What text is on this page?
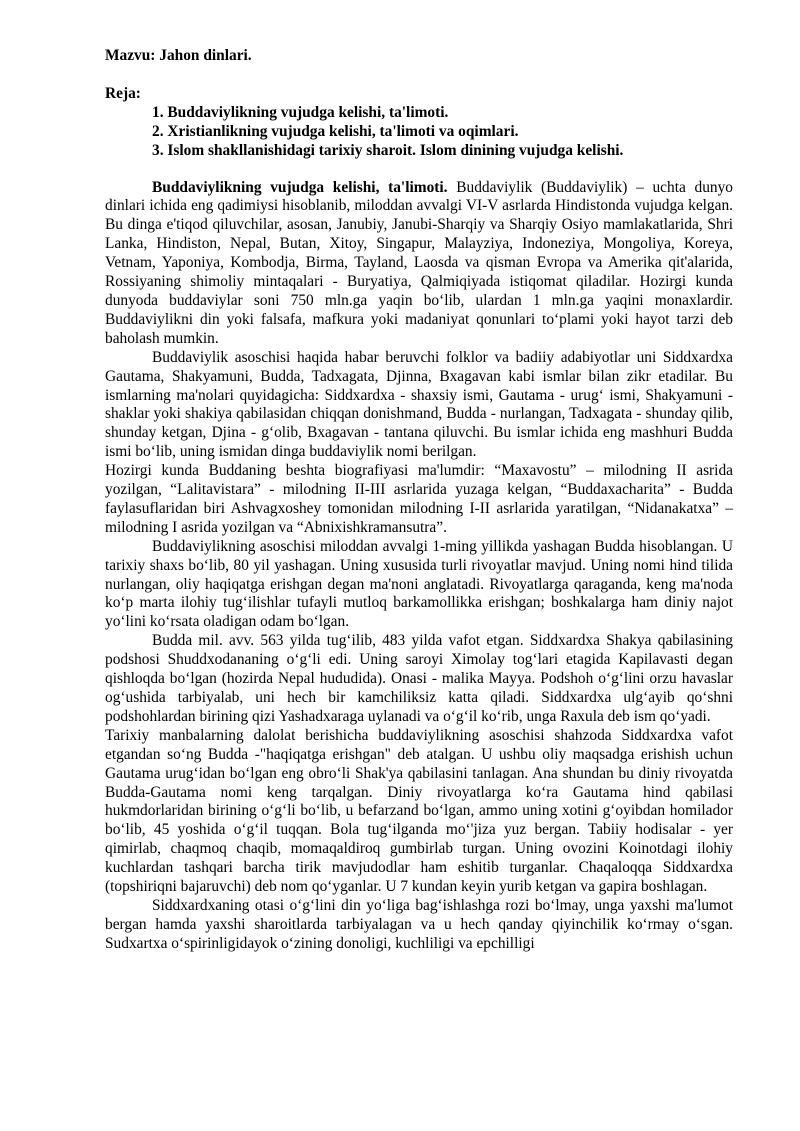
Mazvu: Jahon dinlari.

Reja:

1. Buddaviylikning vujudga kelishi, ta'limoti.
2. Xristianlikning vujudga kelishi, ta'limoti va oqimlari.
3. Islom shakllanishidagi tarixiy sharoit. Islom dinining vujudga kelishi.

Buddaviylikning vujudga kelishi, ta'limoti. Buddaviylik (Buddaviylik) – uchta dunyo dinlari ichida eng qadimiysi hisoblanib, miloddan avvalgi VI-V asrlarda Hindistonda vujudga kelgan. Bu dinga e'tiqod qiluvchilar, asosan, Janubiy, Janubi-Sharqiy va Sharqiy Osiyo mamlakatlarida, Shri Lanka, Hindiston, Nepal, Butan, Xitoy, Singapur, Malayziya, Indoneziya, Mongoliya, Koreya, Vetnam, Yaponiya, Kombodja, Birma, Tayland, Laosda va qisman Evropa va Amerika qit'alarida, Rossiyaning shimoliy mintaqalari - Buryatiya, Qalmiqiyada istiqomat qiladilar. Hozirgi kunda dunyoda buddaviylar soni 750 mln.ga yaqin bo‘lib, ulardan 1 mln.ga yaqini monaxlardir. Buddaviylikni din yoki falsafa, mafkura yoki madaniyat qonunlari to‘plami yoki hayot tarzi deb baholash mumkin.

Buddaviylik asoschisi haqida habar beruvchi folklor va badiiy adabiyotlar uni Siddxardxa Gautama, Shakyamuni, Budda, Tadxagata, Djinna, Bxagavan kabi ismlar bilan zikr etadilar. Bu ismlarning ma'nolari quyidagicha: Siddxardxa - shaxsiy ismi, Gautama - urug‘ ismi, Shakyamuni - shaklar yoki shakiya qabilasidan chiqqan donishmand, Budda - nurlangan, Tadxagata - shunday qilib, shunday ketgan, Djina - g‘olib, Bxagavan - tantana qiluvchi. Bu ismlar ichida eng mashhuri Budda ismi bo‘lib, uning ismidan dinga buddaviylik nomi berilgan.

Hozirgi kunda Buddaning beshta biografiyasi ma'lumdir: “Maxavostu” – milodning II asrida yozilgan, “Lalitavistara” - milodning II-III asrlarida yuzaga kelgan, “Buddaxacharita” - Budda faylasuflaridan biri Ashvagxoshey tomonidan milodning I-II asrlarida yaratilgan, “Nidanakatxa” – milodning I asrida yozilgan va “Abnixishkramansutra”.

Buddaviylikning asoschisi miloddan avvalgi 1-ming yillikda yashagan Budda hisoblangan. U tarixiy shaxs bo‘lib, 80 yil yashagan. Uning xususida turli rivoyatlar mavjud. Uning nomi hind tilida nurlangan, oliy haqiqatga erishgan degan ma'noni anglatadi. Rivoyatlarga qaraganda, keng ma'noda ko‘p marta ilohiy tug‘ilishlar tufayli mutloq barkamollikka erishgan; boshkalarga ham diniy najot yo‘lini ko‘rsata oladigan odam bo‘lgan.

Budda mil. avv. 563 yilda tug‘ilib, 483 yilda vafot etgan. Siddxardxa Shakya qabilasining podshosi Shuddxodananing o‘g‘li edi. Uning saroyi Ximolay tog‘lari etagida Kapilavasti degan qishloqda bo‘lgan (hozirda Nepal hududida). Onasi - malika Mayya. Podshoh o‘g‘lini orzu havaslar og‘ushida tarbiyalab, uni hech bir kamchiliksiz katta qiladi. Siddxardxa ulg‘ayib qo‘shni podshohlardan birining qizi Yashadxaraga uylanadi va o‘g‘il ko‘rib, unga Raxula deb ism qo‘yadi.

Tarixiy manbalarning dalolat berishicha buddaviylikning asoschisi shahzoda Siddxardxa vafot etgandan so‘ng Budda -"haqiqatga erishgan" deb atalgan. U ushbu oliy maqsadga erishish uchun Gautama urug‘idan bo‘lgan eng obro‘li Shak'ya qabilasini tanlagan. Ana shundan bu diniy rivoyatda Budda-Gautama nomi keng tarqalgan. Diniy rivoyatlarga ko‘ra Gautama hind qabilasi hukmdorlaridan birining o‘g‘li bo‘lib, u befarzand bo‘lgan, ammo uning xotini g‘oyibdan homilador bo‘lib, 45 yoshida o‘g‘il tuqqan. Bola tug‘ilganda mo‘'jiza yuz bergan. Tabiiy hodisalar - yer qimirlab, chaqmoq chaqib, momaqaldiroq gumbirlab turgan. Uning ovozini Koinotdagi ilohiy kuchlardan tashqari barcha tirik mavjudodlar ham eshitib turganlar. Chaqaloqqa Siddxardxa (topshiriqni bajaruvchi) deb nom qo‘yganlar. U 7 kundan keyin yurib ketgan va gapira boshlagan.

Siddxardxaning otasi o‘g‘lini din yo‘liga bag‘ishlashga rozi bo‘lmay, unga yaxshi ma'lumot bergan hamda yaxshi sharoitlarda tarbiyalagan va u hech qanday qiyinchilik ko‘rmay o‘sgan. Sudxartxa o‘spirinligidayok o‘zining donoligi, kuchliligi va epchilligi
